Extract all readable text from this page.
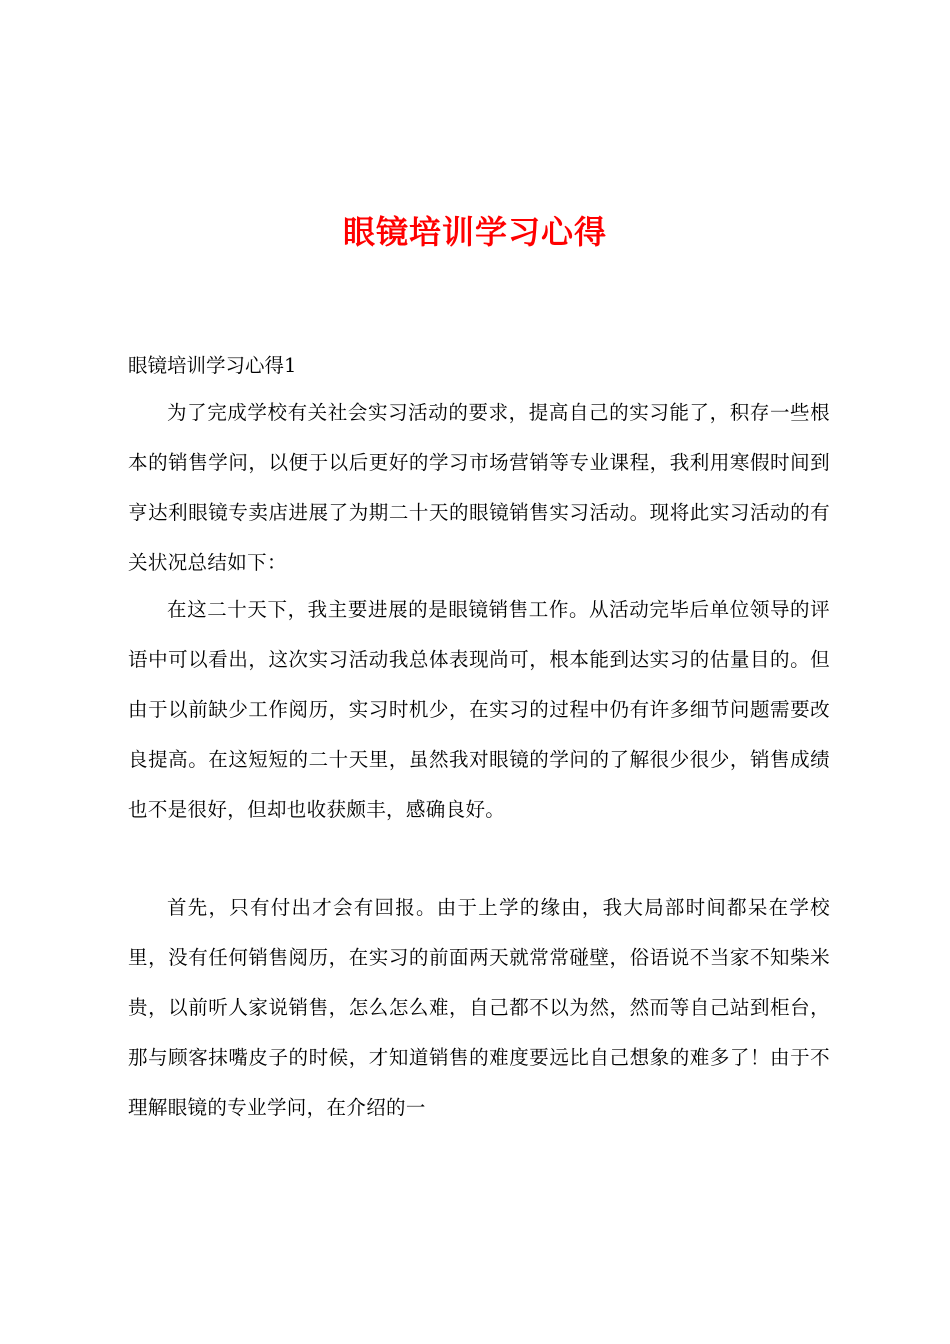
眼镜培训学习心得
眼镜培训学习心得1

为了完成学校有关社会实习活动的要求，提高自己的实习能了，积存一些根本的销售学问，以便于以后更好的学习市场营销等专业课程，我利用寒假时间到亨达利眼镜专卖店进展了为期二十天的眼镜销售实习活动。现将此实习活动的有关状况总结如下：

在这二十天下，我主要进展的是眼镜销售工作。从活动完毕后单位领导的评语中可以看出，这次实习活动我总体表现尚可，根本能到达实习的估量目的。但由于以前缺少工作阅历，实习时机少，在实习的过程中仍有许多细节问题需要改良提高。在这短短的二十天里，虽然我对眼镜的学问的了解很少很少，销售成绩也不是很好，但却也收获颇丰，感确良好。

首先，只有付出才会有回报。由于上学的缘由，我大局部时间都呆在学校里，没有任何销售阅历，在实习的前面两天就常常碰壁，俗语说不当家不知柴米贵，以前听人家说销售，怎么怎么难，自己都不以为然，然而等自己站到柜台，那与顾客抹嘴皮子的时候，才知道销售的难度要远比自己想象的难多了！由于不理解眼镜的专业学问，在介绍的一
